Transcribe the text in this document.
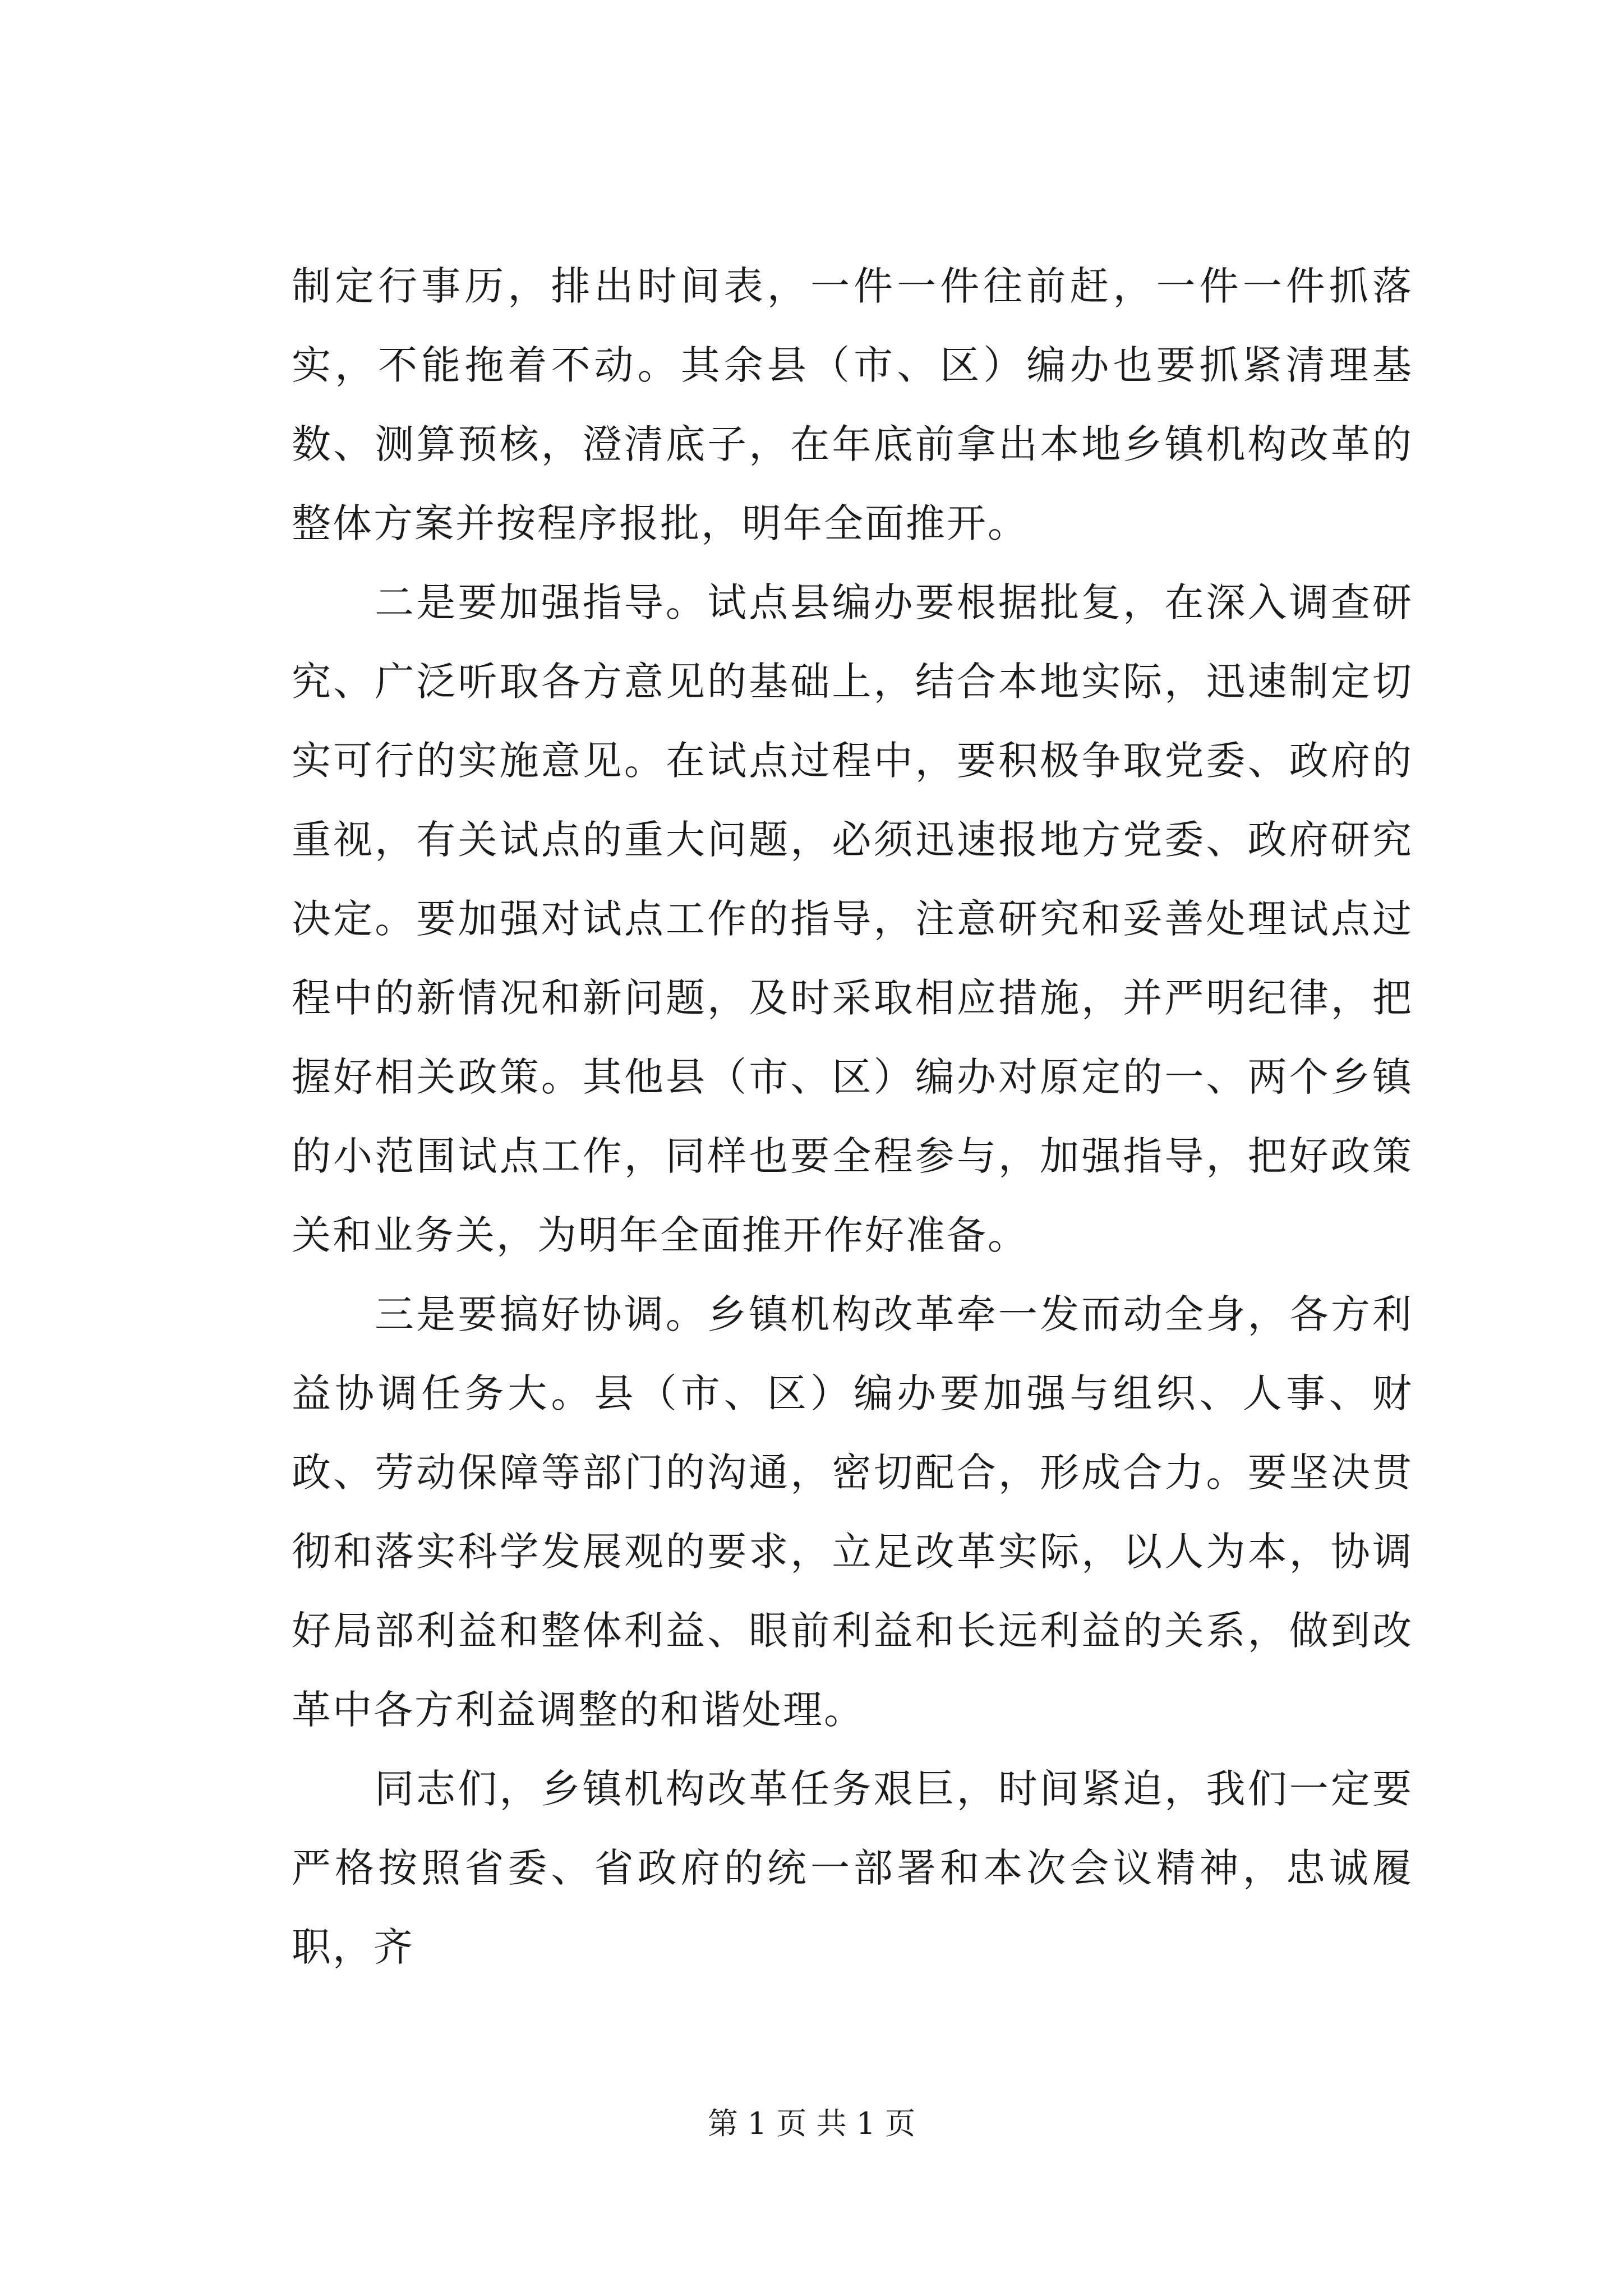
制定行事历，排出时间表，一件一件往前赶，一件一件抓落实，不能拖着不动。其余县（市、区）编办也要抓紧清理基数、测算预核，澄清底子，在年底前拿出本地乡镇机构改革的整体方案并按程序报批，明年全面推开。

二是要加强指导。试点县编办要根据批复，在深入调查研究、广泛听取各方意见的基础上，结合本地实际，迅速制定切实可行的实施意见。在试点过程中，要积极争取党委、政府的重视，有关试点的重大问题，必须迅速报地方党委、政府研究决定。要加强对试点工作的指导，注意研究和妥善处理试点过程中的新情况和新问题，及时采取相应措施，并严明纪律，把握好相关政策。其他县（市、区）编办对原定的一、两个乡镇的小范围试点工作，同样也要全程参与，加强指导，把好政策关和业务关，为明年全面推开作好准备。

三是要搞好协调。乡镇机构改革牵一发而动全身，各方利益协调任务大。县（市、区）编办要加强与组织、人事、财政、劳动保障等部门的沟通，密切配合，形成合力。要坚决贯彻和落实科学发展观的要求，立足改革实际，以人为本，协调好局部利益和整体利益、眼前利益和长远利益的关系，做到改革中各方利益调整的和谐处理。

同志们，乡镇机构改革任务艰巨，时间紧迫，我们一定要严格按照省委、省政府的统一部署和本次会议精神，忠诚履职，齐

第 1 页 共 1 页
